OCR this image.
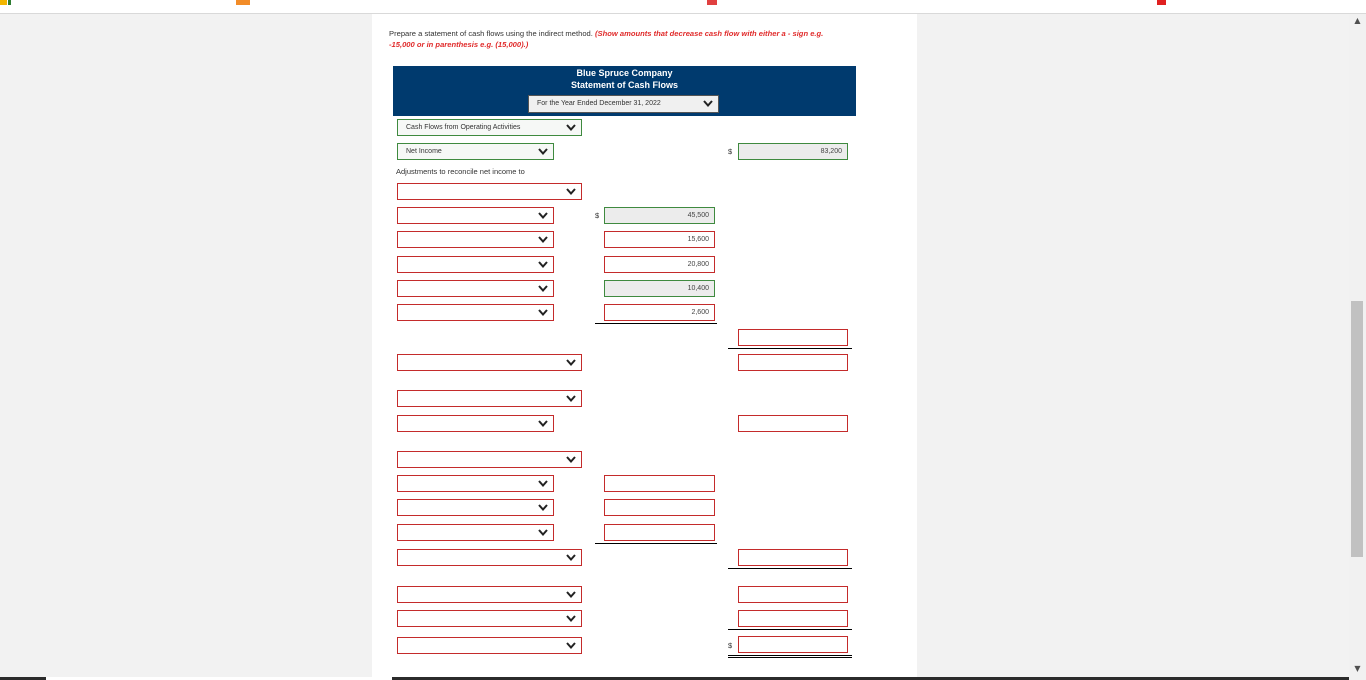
▲
▼
Prepare a statement of cash flows using the indirect method. (Show amounts that decrease cash flow with either a - sign e.g.
-15,000 or in parenthesis e.g. (15,000).)
Blue Spruce Company
Statement of Cash Flows
For the Year Ended December 31, 2022
Cash Flows from Operating Activities
Net Income	$	83,200
Adjustments to reconcile net income to
$	45,500
15,600
20,800
10,400
2,600
$
